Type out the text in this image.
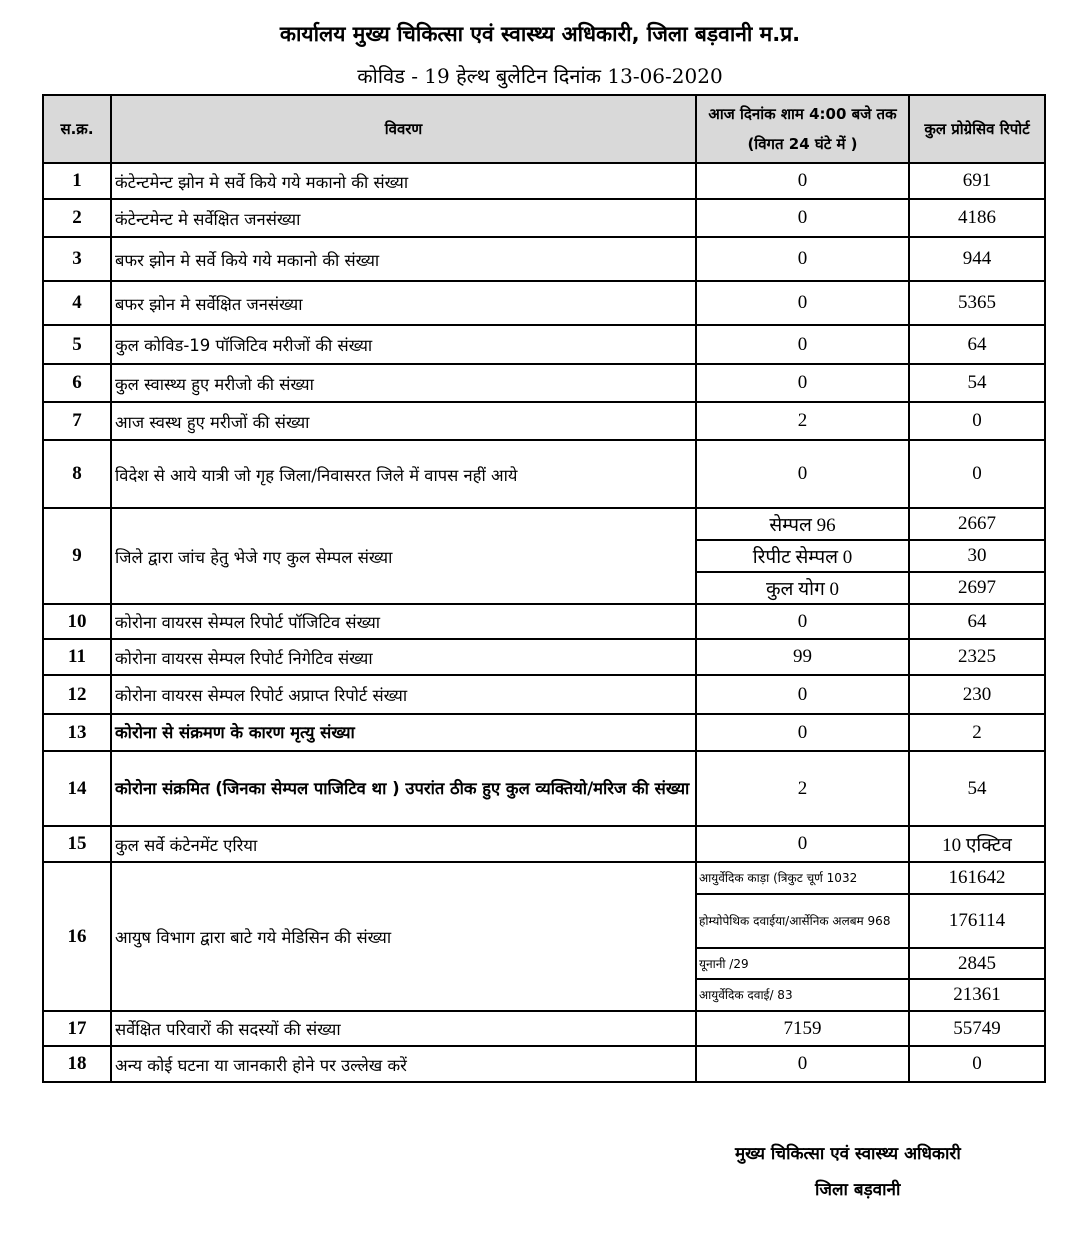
कार्यालय मुख्य चिकित्सा एवं स्वास्थ्य अधिकारी, जिला बड़वानी म.प्र.
कोविड - 19 हेल्थ बुलेटिन दिनांक 13-06-2020
स.क्र.	विवरण	आज दिनांक शाम 4:00 बजे तक (विगत 24 घंटे में )	कुल प्रोग्रेसिव रिपोर्ट
1	कंटेन्टमेन्ट झोन मे सर्वे किये गये मकानो की संख्या	0	691
2	कंटेन्टमेन्ट मे सर्वेक्षित जनसंख्या	0	4186
3	बफर झोन मे सर्वे किये गये मकानो की संख्या	0	944
4	बफर झोन मे सर्वेक्षित जनसंख्या	0	5365
5	कुल कोविड-19 पॉजिटिव मरीजों की संख्या	0	64
6	कुल स्वास्थ्य हुए मरीजो की संख्या	0	54
7	आज स्वस्थ हुए मरीजों की संख्या	2	0
8	विदेश से आये यात्री जो गृह जिला/निवासरत जिले में वापस नहीं आये	0	0
9	जिले द्वारा जांच हेतु भेजे गए कुल सेम्पल संख्या	सेम्पल 96	2667
		रिपीट सेम्पल 0	30
		कुल योग 0	2697
10	कोरोना वायरस सेम्पल रिपोर्ट पॉजिटिव संख्या	0	64
11	कोरोना वायरस सेम्पल रिपोर्ट निगेटिव संख्या	99	2325
12	कोरोना वायरस सेम्पल रिपोर्ट अप्राप्त रिपोर्ट संख्या	0	230
13	कोरोना से संक्रमण के कारण मृत्यु संख्या	0	2
14	कोरोना संक्रमित (जिनका सेम्पल पाजिटिव था ) उपरांत ठीक हुए कुल व्यक्तियो/मरिज की संख्या	2	54
15	कुल सर्वे कंटेनमेंट एरिया	0	10 एक्टिव
16	आयुष विभाग द्वारा बाटे गये मेडिसिन की संख्या	आयुर्वेदिक काड़ा (त्रिकुट चूर्ण 1032	161642
		होम्योपेथिक दवाईया/आर्सेनिक अलबम 968	176114
		यूनानी /29	2845
		आयुर्वेदिक दवाई/ 83	21361
17	सर्वेक्षित परिवारों की सदस्यों की संख्या	7159	55749
18	अन्य कोई घटना या जानकारी होने पर उल्लेख करें	0	0
मुख्य चिकित्सा एवं स्वास्थ्य अधिकारी
जिला बड़वानी
